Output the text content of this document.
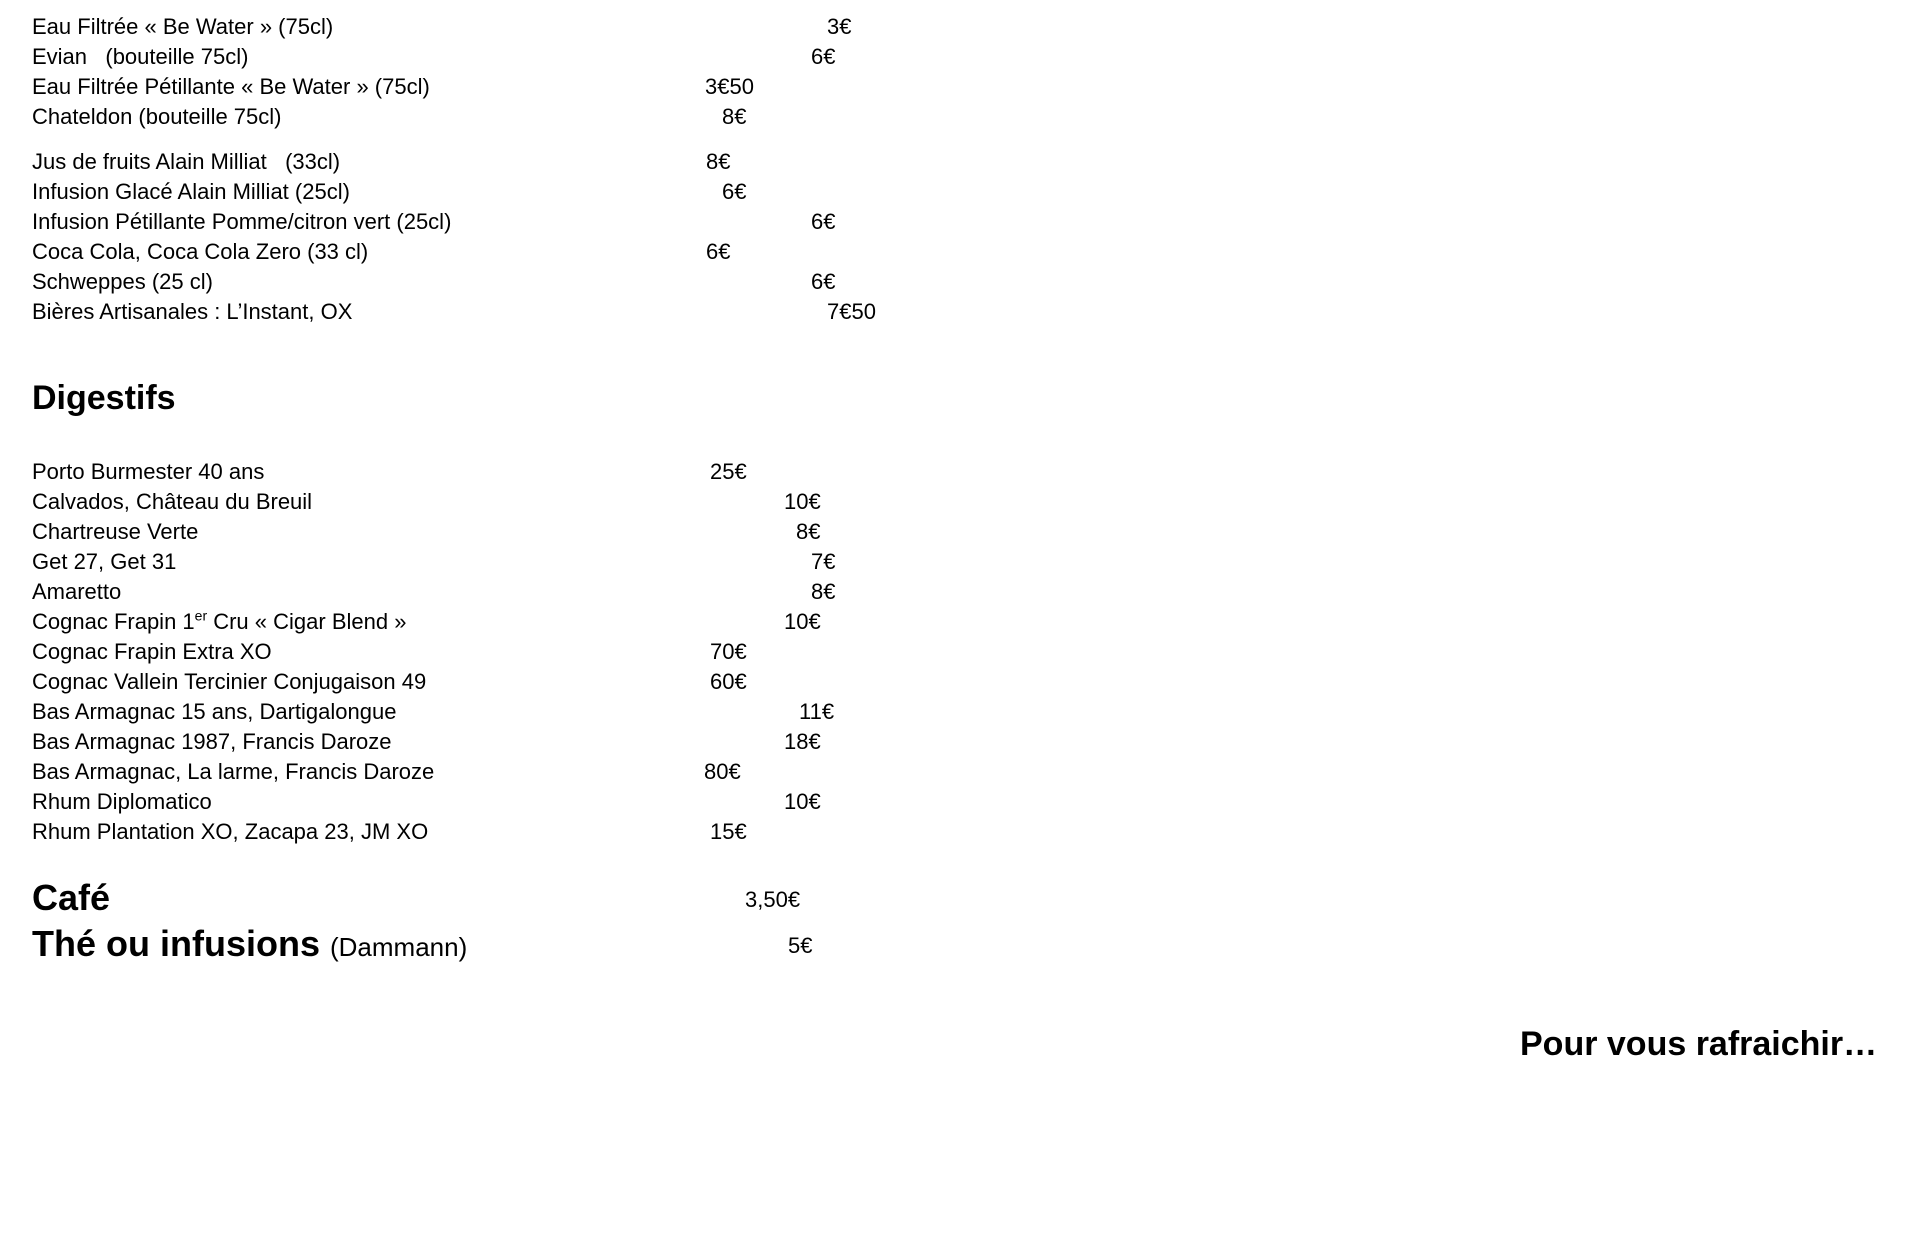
Eau Filtrée « Be Water » (75cl)	3€
Evian   (bouteille 75cl)	6€
Eau Filtrée Pétillante « Be Water » (75cl)	3€50
Chateldon (bouteille 75cl)	8€
Jus de fruits Alain Milliat   (33cl)	8€
Infusion Glacé Alain Milliat (25cl)	6€
Infusion Pétillante Pomme/citron vert (25cl)	6€
Coca Cola, Coca Cola Zero (33 cl)	6€
Schweppes (25 cl)	6€
Bières Artisanales : L’Instant, OX	7€50
Digestifs
Porto Burmester 40 ans	25€
Calvados, Château du Breuil	10€
Chartreuse Verte	8€
Get 27, Get 31	7€
Amaretto	8€
Cognac Frapin 1er Cru « Cigar Blend »	10€
Cognac Frapin Extra XO	70€
Cognac Vallein Tercinier Conjugaison 49	60€
Bas Armagnac 15 ans, Dartigalongue	11€
Bas Armagnac 1987, Francis Daroze	18€
Bas Armagnac, La larme, Francis Daroze	80€
Rhum Diplomatico	10€
Rhum Plantation XO, Zacapa 23, JM XO	15€
Café	3,50€
Thé ou infusions (Dammann)	5€
Pour vous rafraichir…
